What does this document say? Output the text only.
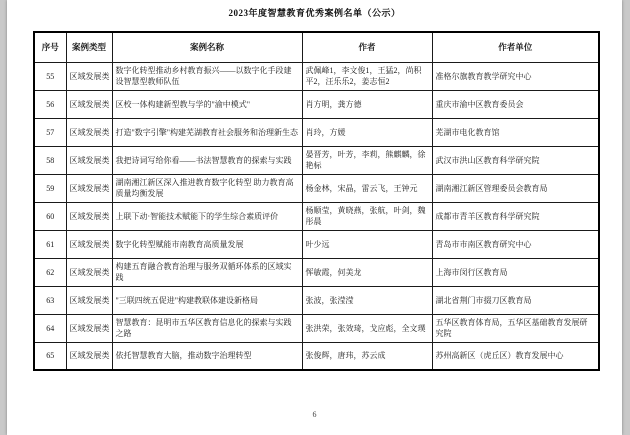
2023年度智慧教育优秀案例名单（公示）
序号	案例类型	案例名称	作者	作者单位
55	区域发展类	数字化转型推动乡村教育振兴——以数字化手段建设智慧型教师队伍	武佩峰1，李文俊1，王猛2，尚积平2，汪乐乐2，姜志恒2	准格尔旗教育教学研究中心
56	区域发展类	区校一体构建新型教与学的"渝中模式"	肖方明，龚方德	重庆市渝中区教育委员会
57	区域发展类	打造"数字引擎"构建芜湖教育社会服务和治理新生态	肖玲，方媛	芜湖市电化教育馆
58	区域发展类	我把诗词写给你看——书法智慧教育的探索与实践	晏晋芳，叶芳，李莉，熊麒麟，徐艳标	武汉市洪山区教育科学研究院
59	区域发展类	湖南湘江新区深入推进教育数字化转型 助力教育高质量均衡发展	杨金林，宋晶，雷云飞，王钟元	湖南湘江新区管理委员会教育局
60	区域发展类	上联下动·智能技术赋能下的学生综合素质评价	杨顺莹，黄晓燕，张航，叶剑，魏彤晨	成都市青羊区教育科学研究院
61	区域发展类	数字化转型赋能市南教育高质量发展	叶少远	青岛市市南区教育研究中心
62	区域发展类	构建五育融合教育治理与服务双循环体系的区域实践	恽敏霞，何美龙	上海市闵行区教育局
63	区域发展类	"三联四统五促进"构建教联体建设新格局	张波，张滢滢	湖北省荆门市掇刀区教育局
64	区域发展类	智慧教育：昆明市五华区教育信息化的探索与实践之路	张洪荣，张效琦，戈应彪，全文璞	五华区教育体育局，五华区基础教育发展研究院
65	区域发展类	依托智慧教育大脑，推动数字治理转型	张俊辉，唐玮，苏云成	苏州高新区（虎丘区）教育发展中心
6
